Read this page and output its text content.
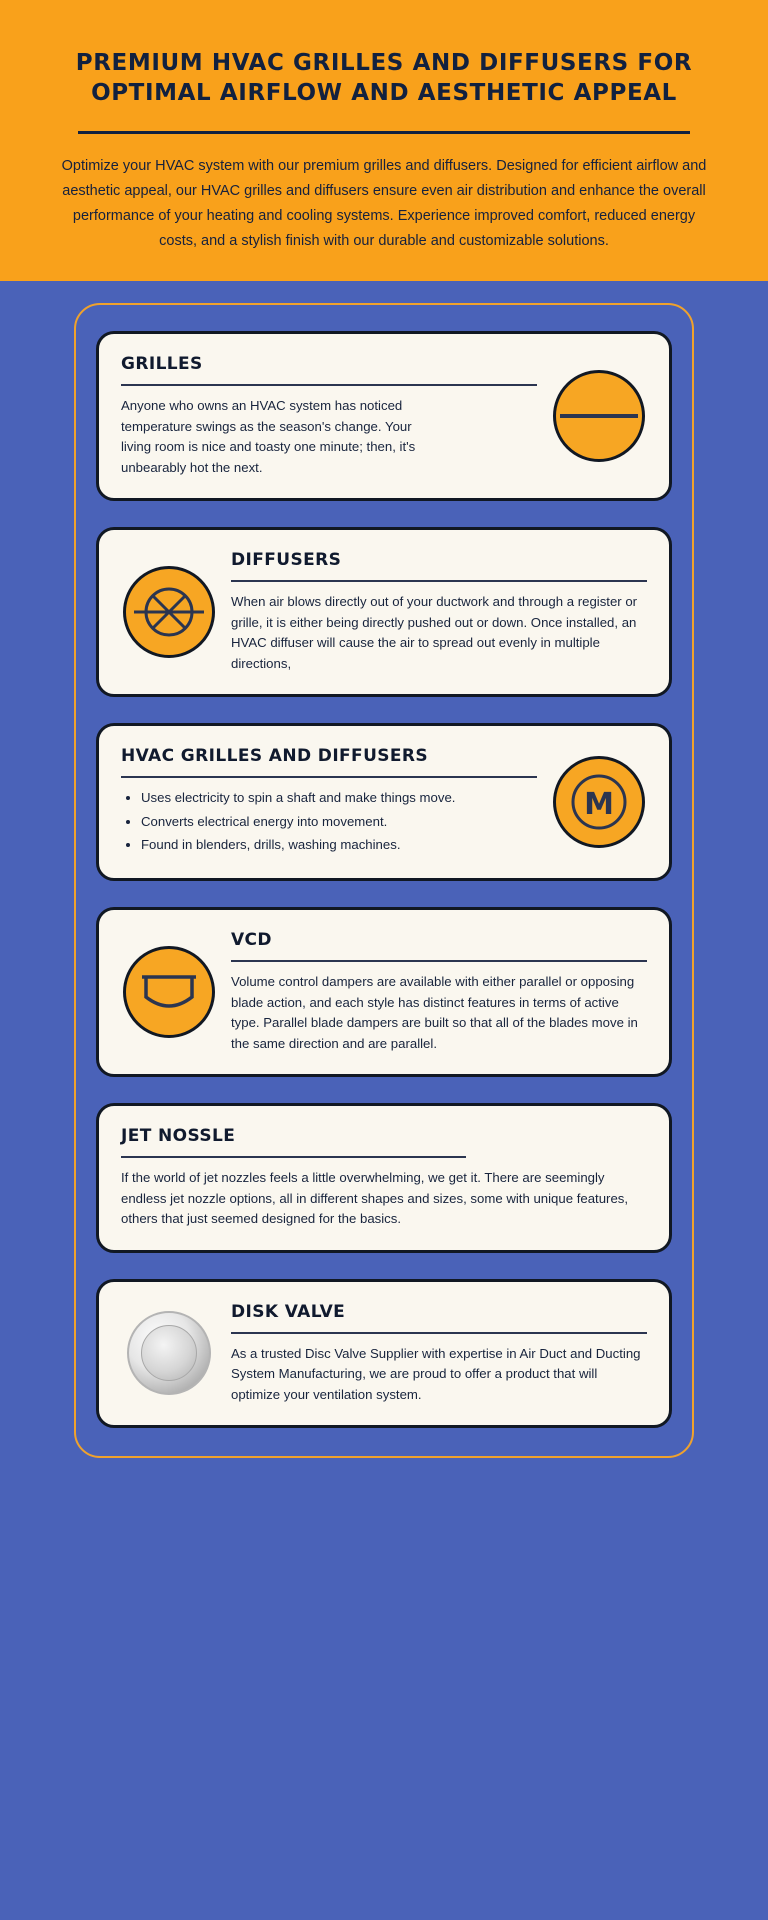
PREMIUM HVAC GRILLES AND DIFFUSERS FOR OPTIMAL AIRFLOW AND AESTHETIC APPEAL

Optimize your HVAC system with our premium grilles and diffusers. Designed for efficient airflow and aesthetic appeal, our HVAC grilles and diffusers ensure even air distribution and enhance the overall performance of your heating and cooling systems. Experience improved comfort, reduced energy costs, and a stylish finish with our durable and customizable solutions.

GRILLES
Anyone who owns an HVAC system has noticed temperature swings as the season's change. Your living room is nice and toasty one minute; then, it's unbearably hot the next.
DIFFUSERS
When air blows directly out of your ductwork and through a register or grille, it is either being directly pushed out or down. Once installed, an HVAC diffuser will cause the air to spread out evenly in multiple directions,
HVAC GRILLES AND DIFFUSERS
• Uses electricity to spin a shaft and make things move.
• Converts electrical energy into movement.
• Found in blenders, drills, washing machines.
M
VCD
Volume control dampers are available with either parallel or opposing blade action, and each style has distinct features in terms of active type. Parallel blade dampers are built so that all of the blades move in the same direction and are parallel.
JET NOSSLE
If the world of jet nozzles feels a little overwhelming, we get it. There are seemingly endless jet nozzle options, all in different shapes and sizes, some with unique features, others that just seemed designed for the basics.
DISK VALVE
As a trusted Disc Valve Supplier with expertise in Air Duct and Ducting System Manufacturing, we are proud to offer a product that will optimize your ventilation system.
